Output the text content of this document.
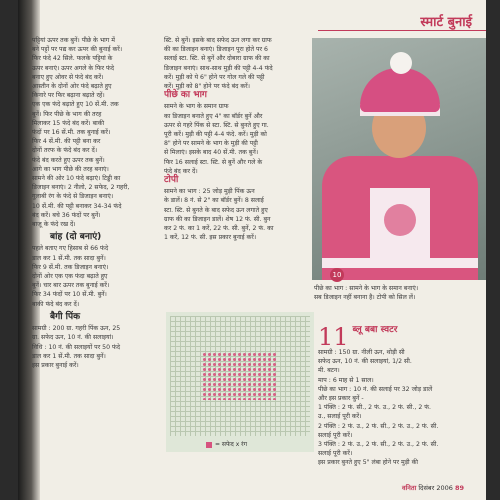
स्मार्ट बुनाई

पट्टियां ऊपर तक बुनें। पीछे के भाग में

बने पट्टों पर पद्य कर ऊपर की बुनाई करें।

फिर फंदे 42 सिले. फलके पट्टियां के

ऊपर बनाएं। ऊपर अगले के फिर फंदे

बनाए हुए ओवर से फंदे बंद करें।

आस्तीन के दोनों ओर फंदे बढ़ाते हुए

किनारे पर फिर बढ़ाना बढ़ाते रहें।

एक एक फंदे बढ़ाते हुए 10 सें.मी. तक

बुनें। फिर पीछे के भाग की तरह

मिलाकर 15 फंदे बंद करें। बाकी

फंदों पर 16 सें.मी. तक बुनाई करें।

फिर 4 सें.मी. की पट्टी बना कर

दोनों तरफ के फंदे बंद कर दें।

फंदे बंद करते हुए ऊपर तक बुनें।

आगे का भाग पीछे की तरह बनाएं।

सामने की ओर 10 फंदे बढ़ाएं। टिड्डी का

डिजाइन बनाएं। 2 नीलो, 2 सफेद, 2 गहरी,

गुलाबी रंग के फंदे से डिजाइन बनाएं।

10 सें.मी. की पट्टी बनाकर 34-34 फंदे

बंद करें। बचे 36 फंदों पर बुनें।

बाजू के फंदे रख दें।

बांह (दो बनाएं)

पहले बताए गए हिसाब से 66 फंदे

डाल कर 1 सें.मी. तक सादा बुनें।

फिर 9 सें.मी. तक डिजाइन बनाएं।

दोनों ओर एक एक फंदा बढ़ाते हुए

बुनें। चार बार ऊपर तक बुनाई करें।

फिर 34 फंदों पर 10 सें.मी. बुनें।

बाकी फंदे बंद कर दें।

बैगी पिंक

सामग्री : 200 ग्रा. गहरी पिंक ऊन, 25

ग्रा. सफेद ऊन, 10 नं. की सलाइयां।

विधि : 10 नं. की सलाइयों पर 50 फंदे

डाल कर 1 सें.मी. तक सादा बुनें।

इस प्रकार बुनाई करें।

स्टि. से बुनें। इसके बाद सफेद ऊन लगा कर ग्राफ

की का डिजाइन बनाएं। डिजाइन पूरा होते पर 6

सलाई स्टा. स्टि. से बुनें और दोबारा ग्राफ की का

डिजाइन बनाएं। साथ-साथ मुड़ी की पट्टी 4-4 फंदे

करें। मुड़ी को ये 6" होने पर गोल गले की पट्टी

करें। मुड़ी को 8" होने पर फंदे बंद करें।

पीछे का भाग

सामने के भाग के समान ग्राफ

का डिजाइन बनाते हुए 4" का बॉर्डर बुनें और

ऊपर से गहरे पिंक से स्टा. स्टि. से बुनते हुए गा.

पूरी करें। मुड़ी की पट्टी 4-4 फंदे. करें। मुड़ी को

8" होने पर सामने के भाग के मुड़ी की पट्टी

से मिलाएं। इसके बाद 40 सें.मी. तक बुनें।

फिर 16 सलाई स्टा. स्टि. से बुनें और गले के

फंदे बंद कर दें।

टोपी

सामने का भाग : 25 जोड़ मुड़ी पिंक ऊन

के डालें। 8 नं. से 2" का बॉर्डर बुनें। 8 सलाई

स्टा. स्टि. से बुनते के बाद सफेद ऊन लगाते हुए

ग्राफ की का डिजाइन डालें। शेष 12 फं. सी. बुन

कर 2 फं. का 1 करें, 22 फं. सी. बुनें, 2 फं. का

1 करें, 12 फं. सी. इस प्रकार बुनाई करें।

10
पीछे का भाग : सामने के भाग के समान बनाएं।
सब डिजाइन नहीं बनाना है। टोपी को सिल लें।
= सफेद x रंग
11 ब्लू बेबी स्वेटर

सामग्री : 150 ग्रा. नीली ऊन, थोड़ी सी

सफेद ऊन, 10 नं. की सलाइयां, 1/2 सी.

मी. बटन।

माप : 6 माह से 1 साल।

पीछे का भाग : 10 नं. की सलाई पर 32 जोड़ डालें

और इस प्रकार बुनें -

1 पंक्ति : 2 फं. सी., 2 फं. उ., 2 फं. सी., 2 फं.

उ., सलाई पूरी करें।

2 पंक्ति : 2 फं. उ., 2 फं. सी., 2 फं. उ., 2 फं. सी.

सलाई पूरी करें।

3 पंक्ति : 2 फं. उ., 2 फं. सी., 2 फं. उ., 2 फं. सी.

सलाई पूरी करें।

इस प्रकार बुनते हुए 5" लंबा होने पर मुड़ी की

वनिता दिसंबर 2006 89
